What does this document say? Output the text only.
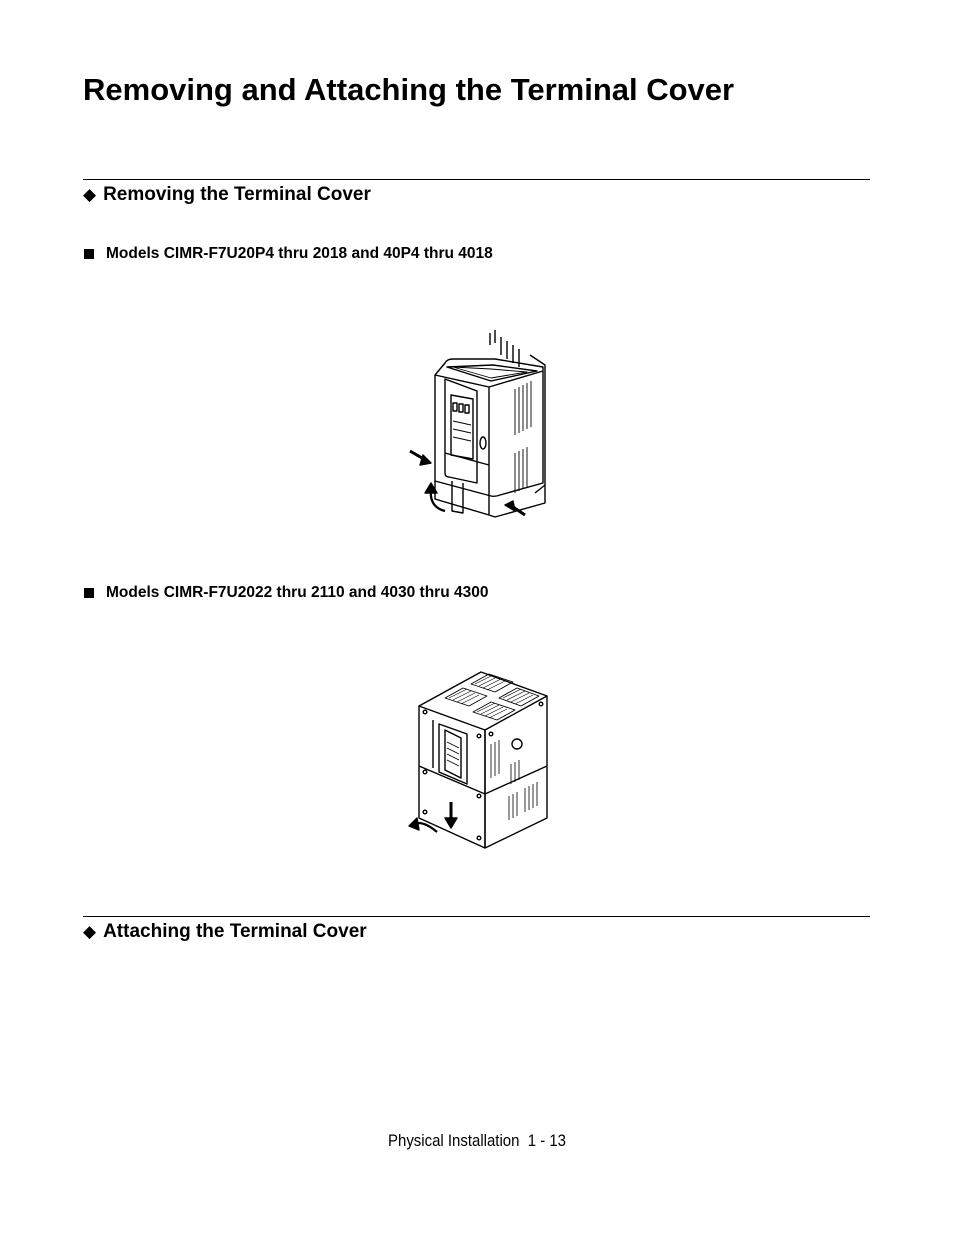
Removing and Attaching the Terminal Cover
◆ Removing the Terminal Cover
Models CIMR-F7U20P4 thru 2018 and 40P4 thru 4018
Models CIMR-F7U2022 thru 2110 and 4030 thru 4300
◆ Attaching the Terminal Cover
Physical Installation  1 - 13
